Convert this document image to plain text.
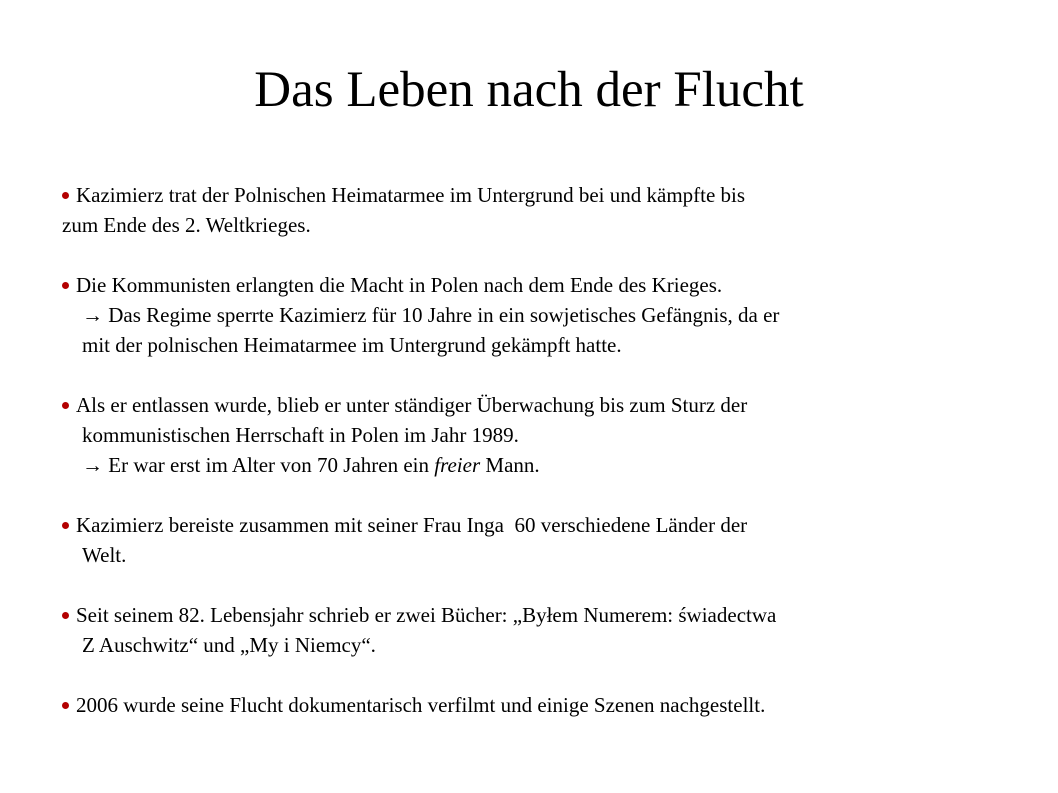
Das Leben nach der Flucht
Kazimierz trat der Polnischen Heimatarmee im Untergrund bei und kämpfte bis
zum Ende des 2. Weltkrieges.
Die Kommunisten erlangten die Macht in Polen nach dem Ende des Krieges.
→ Das Regime sperrte Kazimierz für 10 Jahre in ein sowjetisches Gefängnis, da er
mit der polnischen Heimatarmee im Untergrund gekämpft hatte.
Als er entlassen wurde, blieb er unter ständiger Überwachung bis zum Sturz der
kommunistischen Herrschaft in Polen im Jahr 1989.
→ Er war erst im Alter von 70 Jahren ein freier Mann.
Kazimierz bereiste zusammen mit seiner Frau Inga  60 verschiedene Länder der
Welt.
Seit seinem 82. Lebensjahr schrieb er zwei Bücher: „Byłem Numerem: świadectwa
Z Auschwitz“ und „My i Niemcy“.
2006 wurde seine Flucht dokumentarisch verfilmt und einige Szenen nachgestellt.
